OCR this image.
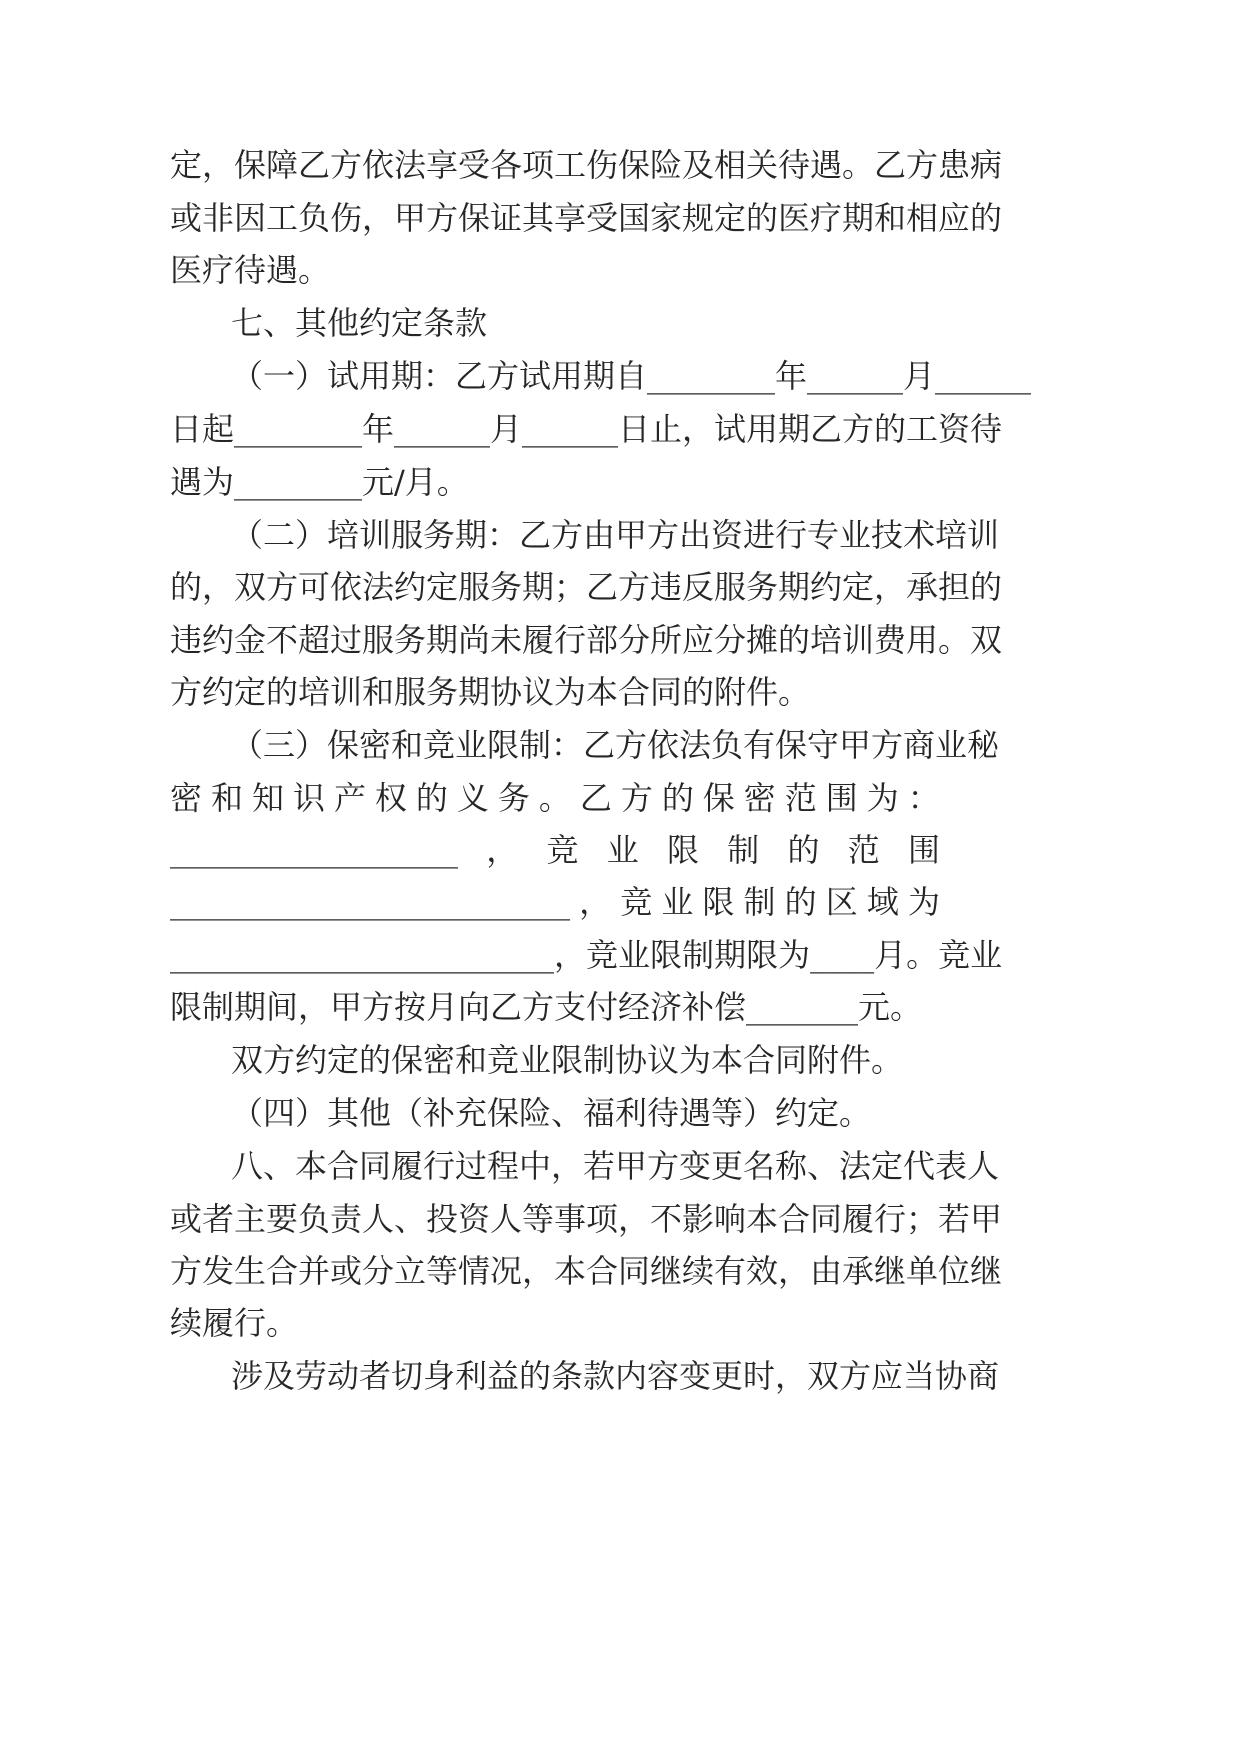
定，保障乙方依法享受各项工伤保险及相关待遇。乙方患病
或非因工负伤，甲方保证其享受国家规定的医疗期和相应的
医疗待遇。
七、其他约定条款
（一）试用期：乙方试用期自________年______月______
日起________年______月______日止，试用期乙方的工资待
遇为________元/月。
（二）培训服务期：乙方由甲方出资进行专业技术培训
的，双方可依法约定服务期；乙方违反服务期约定，承担的
违约金不超过服务期尚未履行部分所应分摊的培训费用。双
方约定的培训和服务期协议为本合同的附件。
（三）保密和竞业限制：乙方依法负有保守甲方商业秘
密 和 知 识 产 权 的 义 务 。 乙 方 的 保 密 范 围 为 ：
__________________ ， 竞 业 限 制 的 范 围
_________________________ ， 竞 业 限 制 的 区 域 为
________________________ ， 竞 业 限 制 期 限 为 ____ 月 。 竞 业
限制期间，甲方按月向乙方支付经济补偿_______元。
双方约定的保密和竞业限制协议为本合同附件。
（四）其他（补充保险、福利待遇等）约定。
八、本合同履行过程中，若甲方变更名称、法定代表人
或者主要负责人、投资人等事项，不影响本合同履行；若甲
方发生合并或分立等情况，本合同继续有效，由承继单位继
续履行。
涉及劳动者切身利益的条款内容变更时，双方应当协商
